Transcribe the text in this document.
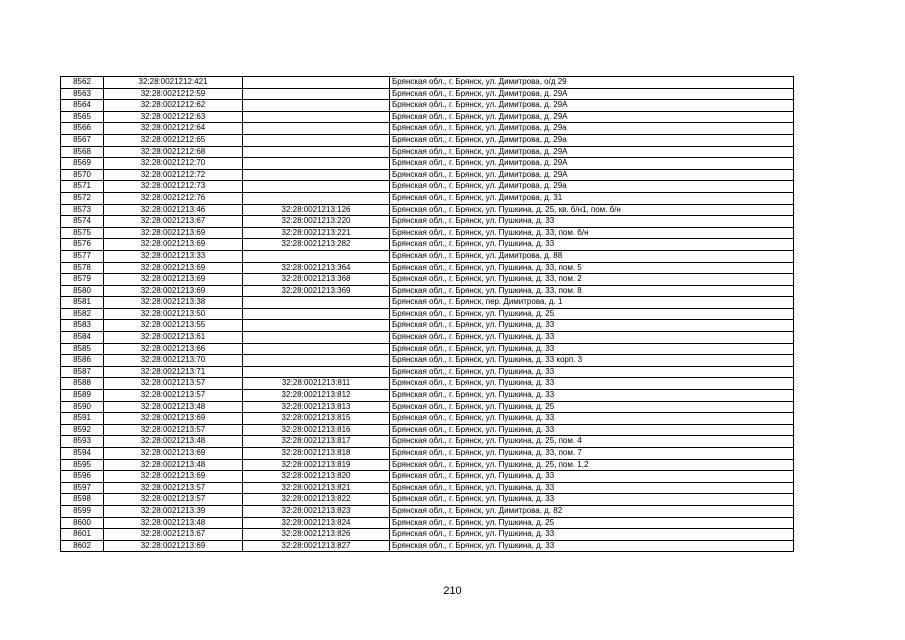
8562	32:28:0021212:421		Брянская обл., г. Брянск, ул. Димитрова, о/д 29
8563	32:28:0021212:59		Брянская обл., г. Брянск, ул. Димитрова, д. 29А
8564	32:28:0021212:62		Брянская обл., г. Брянск, ул. Димитрова, д. 29А
8565	32:28:0021212:63		Брянская обл., г. Брянск, ул. Димитрова, д. 29А
8566	32:28:0021212:64		Брянская обл., г. Брянск, ул. Димитрова, д. 29а
8567	32:28:0021212:65		Брянская обл., г. Брянск, ул. Димитрова, д. 29а
8568	32:28:0021212:68		Брянская обл., г. Брянск, ул. Димитрова, д. 29А
8569	32:28:0021212:70		Брянская обл., г. Брянск, ул. Димитрова, д. 29А
8570	32:28:0021212:72		Брянская обл., г. Брянск, ул. Димитрова, д. 29А
8571	32:28:0021212:73		Брянская обл., г. Брянск, ул. Димитрова, д. 29а
8572	32:28:0021212:76		Брянская обл., г. Брянск, ул. Димитрова, д. 31
8573	32:28:0021213:46	32:28:0021213:126	Брянская обл., г. Брянск, ул. Пушкина, д. 25, кв. б/н1, пом. б/н
8574	32:28:0021213:67	32:28:0021213:220	Брянская обл., г. Брянск, ул. Пушкина, д. 33
8575	32:28:0021213:69	32:28:0021213:221	Брянская обл., г. Брянск, ул. Пушкина, д. 33, пом. б/н
8576	32:28:0021213:69	32:28:0021213:282	Брянская обл., г. Брянск, ул. Пушкина, д. 33
8577	32:28:0021213:33		Брянская обл., г. Брянск, ул. Димитрова, д. 88
8578	32:28:0021213:69	32:28:0021213:364	Брянская обл., г. Брянск, ул. Пушкина, д. 33, пом. 5
8579	32:28:0021213:69	32:28:0021213:368	Брянская обл., г. Брянск, ул. Пушкина, д. 33, пом. 2
8580	32:28:0021213:69	32:28:0021213:369	Брянская обл., г. Брянск, ул. Пушкина, д. 33, пом. 8
8581	32:28:0021213:38		Брянская обл., г. Брянск, пер. Димитрова, д. 1
8582	32:28:0021213:50		Брянская обл., г. Брянск, ул. Пушкина, д. 25
8583	32:28:0021213:55		Брянская обл., г. Брянск, ул. Пушкина, д. 33
8584	32:28:0021213:61		Брянская обл., г. Брянск, ул. Пушкина, д. 33
8585	32:28:0021213:66		Брянская обл., г. Брянск, ул. Пушкина, д. 33
8586	32:28:0021213:70		Брянская обл., г. Брянск, ул. Пушкина, д. 33 корп. 3
8587	32:28:0021213:71		Брянская обл., г. Брянск, ул. Пушкина, д. 33
8588	32:28:0021213:57	32:28:0021213:811	Брянская обл., г. Брянск, ул. Пушкина, д. 33
8589	32:28:0021213:57	32:28:0021213:812	Брянская обл., г. Брянск, ул. Пушкина, д. 33
8590	32:28:0021213:48	32:28:0021213:813	Брянская обл., г. Брянск, ул. Пушкина, д. 25
8591	32:28:0021213:69	32:28:0021213:815	Брянская обл., г. Брянск, ул. Пушкина, д. 33
8592	32:28:0021213:57	32:28:0021213:816	Брянская обл., г. Брянск, ул. Пушкина, д. 33
8593	32:28:0021213:48	32:28:0021213:817	Брянская обл., г. Брянск, ул. Пушкина, д. 25, пом. 4
8594	32:28:0021213:69	32:28:0021213:818	Брянская обл., г. Брянск, ул. Пушкина, д. 33, пом. 7
8595	32:28:0021213:48	32:28:0021213:819	Брянская обл., г. Брянск, ул. Пушкина, д. 25, пом. 1,2
8596	32:28:0021213:69	32:28:0021213:820	Брянская обл., г. Брянск, ул. Пушкина, д. 33
8597	32:28:0021213:57	32:28:0021213:821	Брянская обл., г. Брянск, ул. Пушкина, д. 33
8598	32:28:0021213:57	32:28:0021213:822	Брянская обл., г. Брянск, ул. Пушкина, д. 33
8599	32:28:0021213:39	32:28:0021213:823	Брянская обл., г. Брянск, ул. Димитрова, д. 82
8600	32:28:0021213:48	32:28:0021213:824	Брянская обл., г. Брянск, ул. Пушкина, д. 25
8601	32:28:0021213:67	32:28:0021213:826	Брянская обл., г. Брянск, ул. Пушкина, д. 33
8602	32:28:0021213:69	32:28:0021213:827	Брянская обл., г. Брянск, ул. Пушкина, д. 33
210
